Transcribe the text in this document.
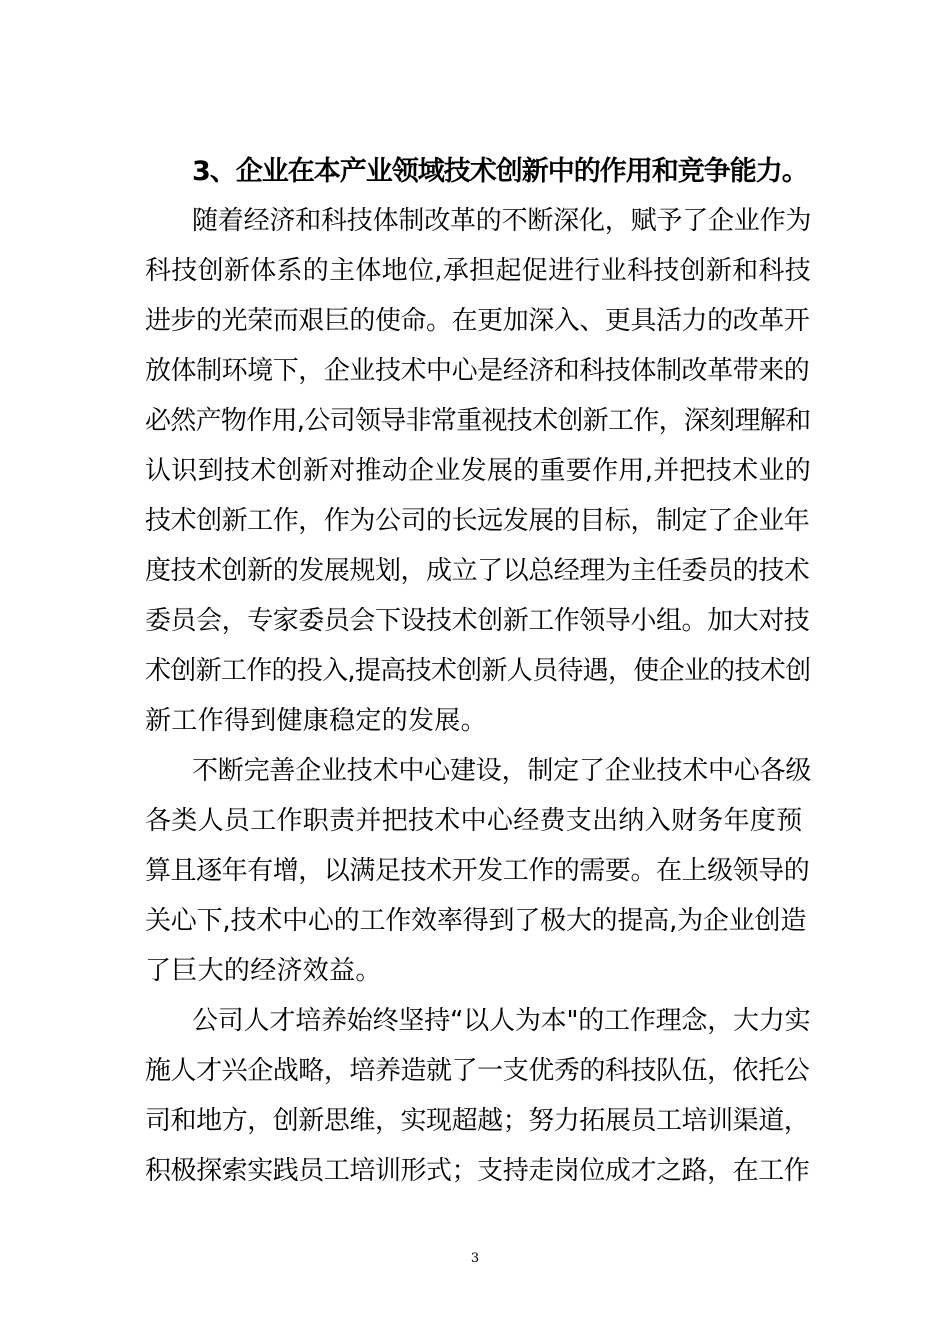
3、企业在本产业领域技术创新中的作用和竞争能力。
随着经济和科技体制改革的不断深化，赋予了企业作为
科技创新体系的主体地位,承担起促进行业科技创新和科技
进步的光荣而艰巨的使命。在更加深入、更具活力的改革开
放体制环境下，企业技术中心是经济和科技体制改革带来的
必然产物作用,公司领导非常重视技术创新工作，深刻理解和
认识到技术创新对推动企业发展的重要作用,并把技术业的
技术创新工作，作为公司的长远发展的目标，制定了企业年
度技术创新的发展规划，成立了以总经理为主任委员的技术
委员会，专家委员会下设技术创新工作领导小组。加大对技
术创新工作的投入,提高技术创新人员待遇，使企业的技术创
新工作得到健康稳定的发展。
不断完善企业技术中心建设，制定了企业技术中心各级
各类人员工作职责并把技术中心经费支出纳入财务年度预
算且逐年有增，以满足技术开发工作的需要。在上级领导的
关心下,技术中心的工作效率得到了极大的提高,为企业创造
了巨大的经济效益。
公司人才培养始终坚持“以人为本"的工作理念，大力实
施人才兴企战略，培养造就了一支优秀的科技队伍，依托公
司和地方，创新思维，实现超越；努力拓展员工培训渠道，
积极探索实践员工培训形式；支持走岗位成才之路，在工作
3
